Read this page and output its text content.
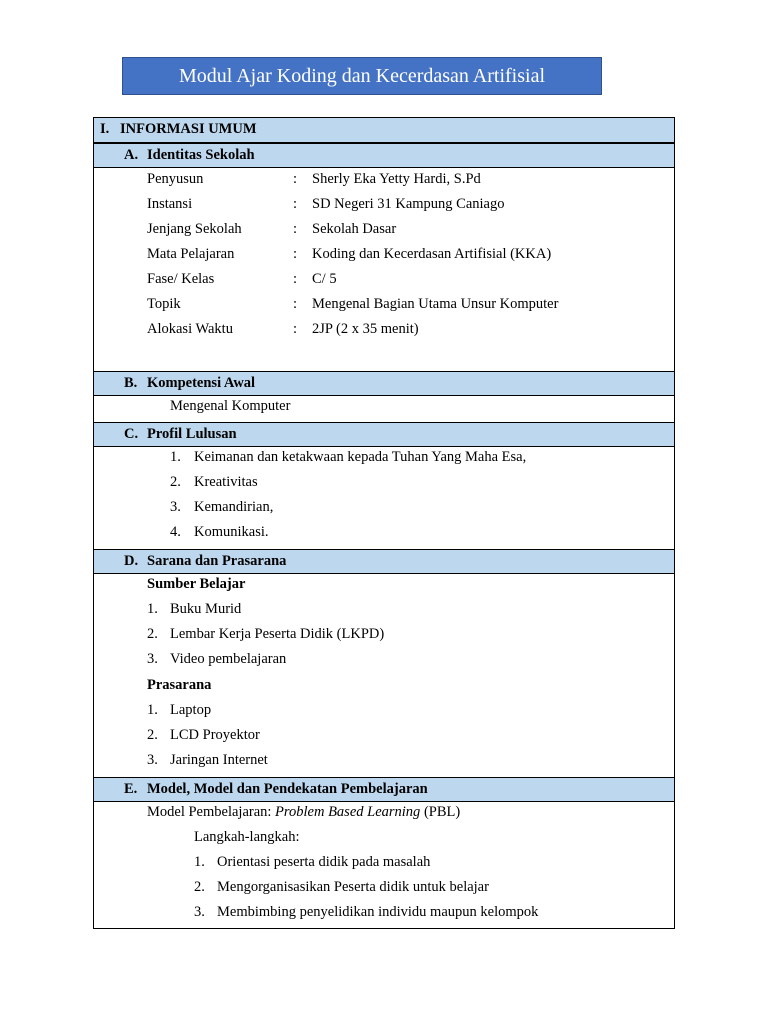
Modul Ajar Koding dan Kecerdasan Artifisial
I. INFORMASI UMUM
A. Identitas Sekolah
Penyusun	: Sherly Eka Yetty Hardi, S.Pd
Instansi	: SD Negeri 31 Kampung Caniago
Jenjang Sekolah	: Sekolah Dasar
Mata Pelajaran	: Koding dan Kecerdasan Artifisial (KKA)
Fase/ Kelas	: C/ 5
Topik	: Mengenal Bagian Utama Unsur Komputer
Alokasi Waktu	: 2JP (2 x 35 menit)
B. Kompetensi Awal
Mengenal Komputer
C. Profil Lulusan
1. Keimanan dan ketakwaan kepada Tuhan Yang Maha Esa,
2. Kreativitas
3. Kemandirian,
4. Komunikasi.
D. Sarana dan Prasarana
Sumber Belajar
1. Buku Murid
2. Lembar Kerja Peserta Didik (LKPD)
3. Video pembelajaran
Prasarana
1. Laptop
2. LCD Proyektor
3. Jaringan Internet
E. Model, Model dan Pendekatan Pembelajaran
Model Pembelajaran: Problem Based Learning (PBL)
Langkah-langkah:
1. Orientasi peserta didik pada masalah
2. Mengorganisasikan Peserta didik untuk belajar
3. Membimbing penyelidikan individu maupun kelompok
